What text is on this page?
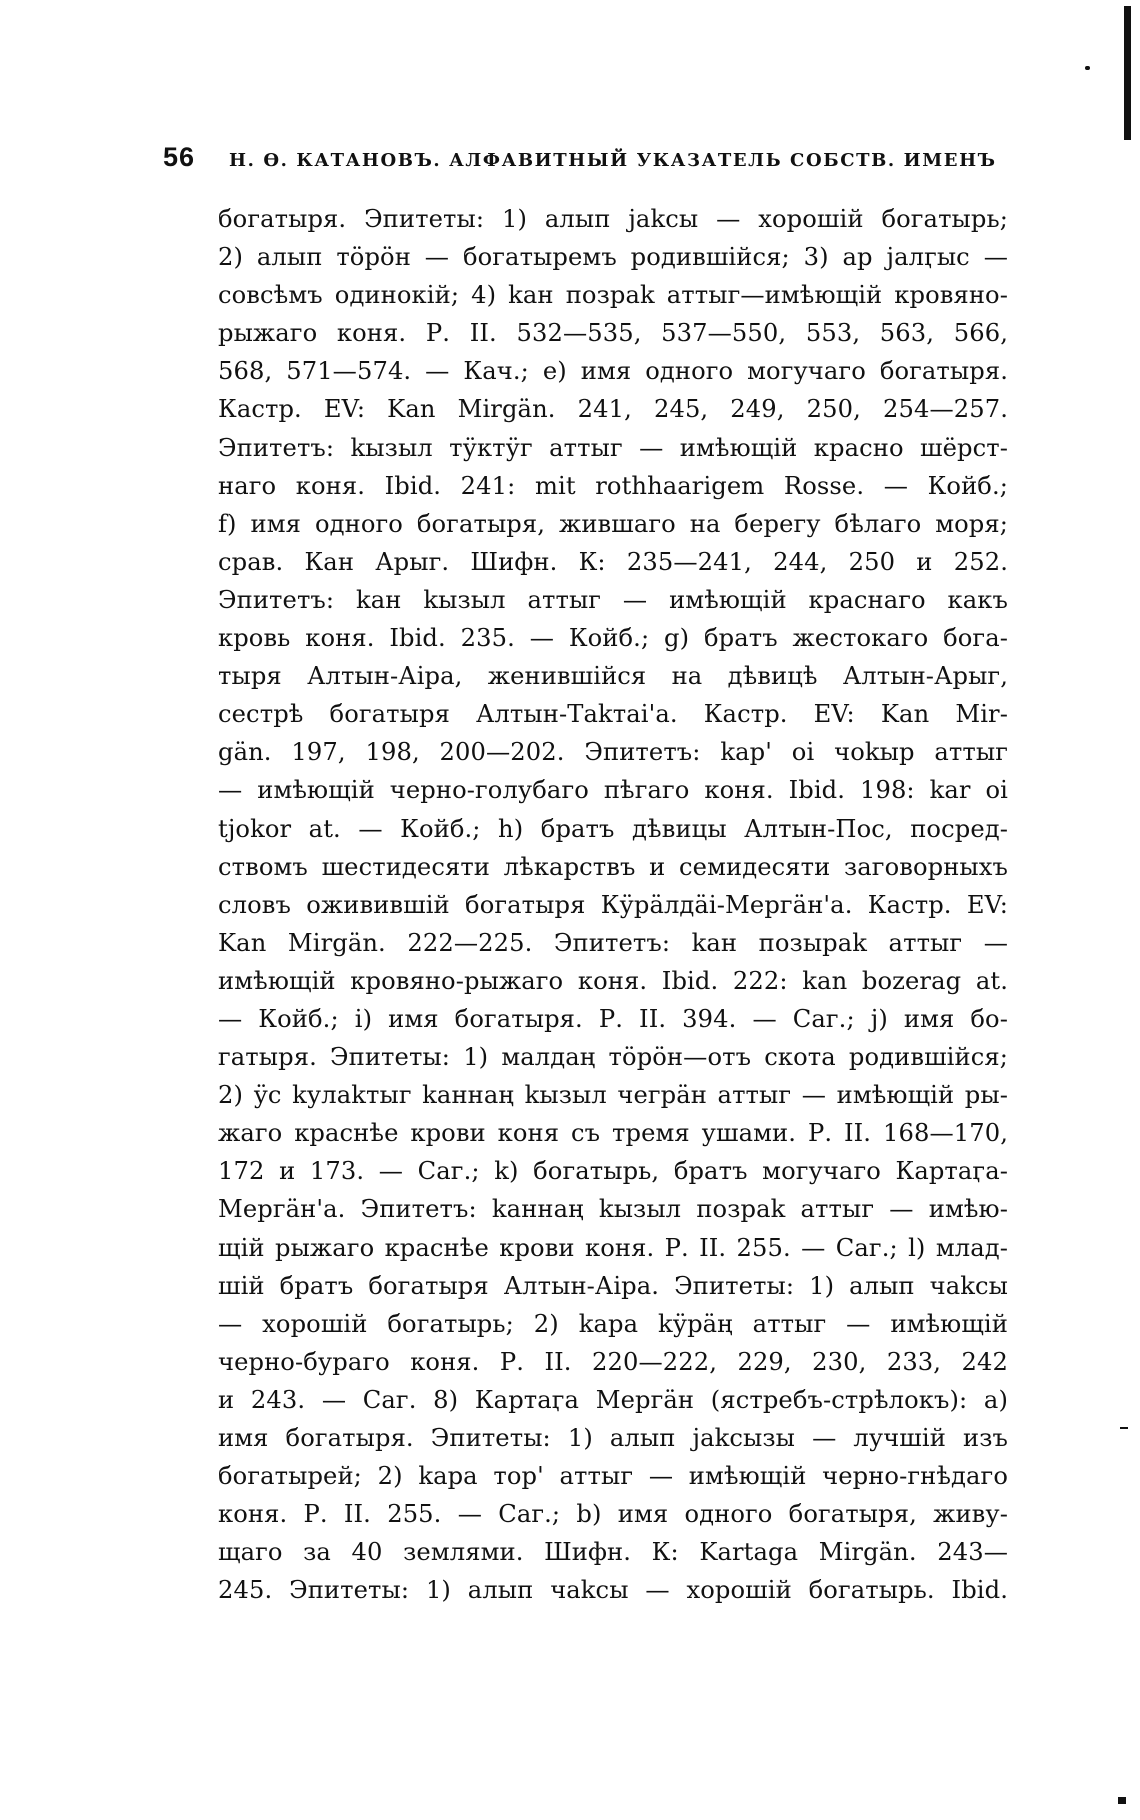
56 Н. Ө. КАТАНОВЪ. АЛФАВИТНЫЙ УКАЗАТЕЛЬ СОБСТВ. ИМЕНЪ
богатыря. Эпитеты: 1) алып јаkсы — хорошій богатырь;
2) алып тӧрӧн — богатыремъ родившійся; 3) ар јалӷыс —
совсѣмъ одинокій; 4) kан позраk аттыг—имѣющій кровяно-
рыжаго коня. Р. II. 532—535, 537—550, 553, 563, 566,
568, 571—574. — Кач.; е) имя одного могучаго богатыря.
Кастр. EV: Kan Mirgän. 241, 245, 249, 250, 254—257.
Эпитетъ: kызыл тӱктӱг аттыг — имѣющій красно шёрст-
наго коня. Ibid. 241: mit rothhaarigem Rosse. — Койб.;
f) имя одного богатыря, жившаго на берегу бѣлаго моря;
срав. Кан Арыг. Шифн. К: 235—241, 244, 250 и 252.
Эпитетъ: kан kызыл аттыг — имѣющій краснаго какъ
кровь коня. Ibid. 235. — Койб.; g) братъ жестокаго бога-
тыря Алтын-Аіра, женившійся на дѣвицѣ Алтын-Арыг,
сестрѣ богатыря Алтын-Таkтаі'а. Кастр. EV: Kan Mir-
gän. 197, 198, 200—202. Эпитетъ: kар' оі чоkыр аттыг
— имѣющій черно-голубаго пѣгаго коня. Ibid. 198: kar oi
tjokor at. — Койб.; h) братъ дѣвицы Алтын-Пос, посред-
ствомъ шестидесяти лѣкарствъ и семидесяти заговорныхъ
словъ оживившій богатыря Кӱрäлдäі-Мергäн'а. Кастр. EV:
Kan Mirgän. 222—225. Эпитетъ: kан позыраk аттыг —
имѣющій кровяно-рыжаго коня. Ibid. 222: kan bozerag at.
— Койб.; i) имя богатыря. Р. II. 394. — Саг.; j) имя бо-
гатыря. Эпитеты: 1) малдаң тӧрӧн—отъ скота родившійся;
2) ӱс kулаkтыг kаннаң kызыл чегрäн аттыг — имѣющій ры-
жаго краснѣе крови коня съ тремя ушами. Р. II. 168—170,
172 и 173. — Саг.; k) богатырь, братъ могучаго Картаӷа-
Мергäн'а. Эпитетъ: kаннаң kызыл позраk аттыг — имѣю-
щій рыжаго краснѣе крови коня. Р. II. 255. — Саг.; l) млад-
шій братъ богатыря Алтын-Аіра. Эпитеты: 1) алып чаkсы
— хорошій богатырь; 2) kара kӱрäң аттыг — имѣющій
черно-бураго коня. Р. II. 220—222, 229, 230, 233, 242
и 243. — Саг. 8) Картаӷа Мергäн (ястребъ-стрѣлокъ): а)
имя богатыря. Эпитеты: 1) алып јаkсызы — лучшій изъ
богатырей; 2) kара тор' аттыг — имѣющій черно-гнѣдаго
коня. Р. II. 255. — Саг.; b) имя одного богатыря, живу-
щаго за 40 землями. Шифн. К: Kartaga Mirgän. 243—
245. Эпитеты: 1) алып чаkсы — хорошій богатырь. Ibid.
